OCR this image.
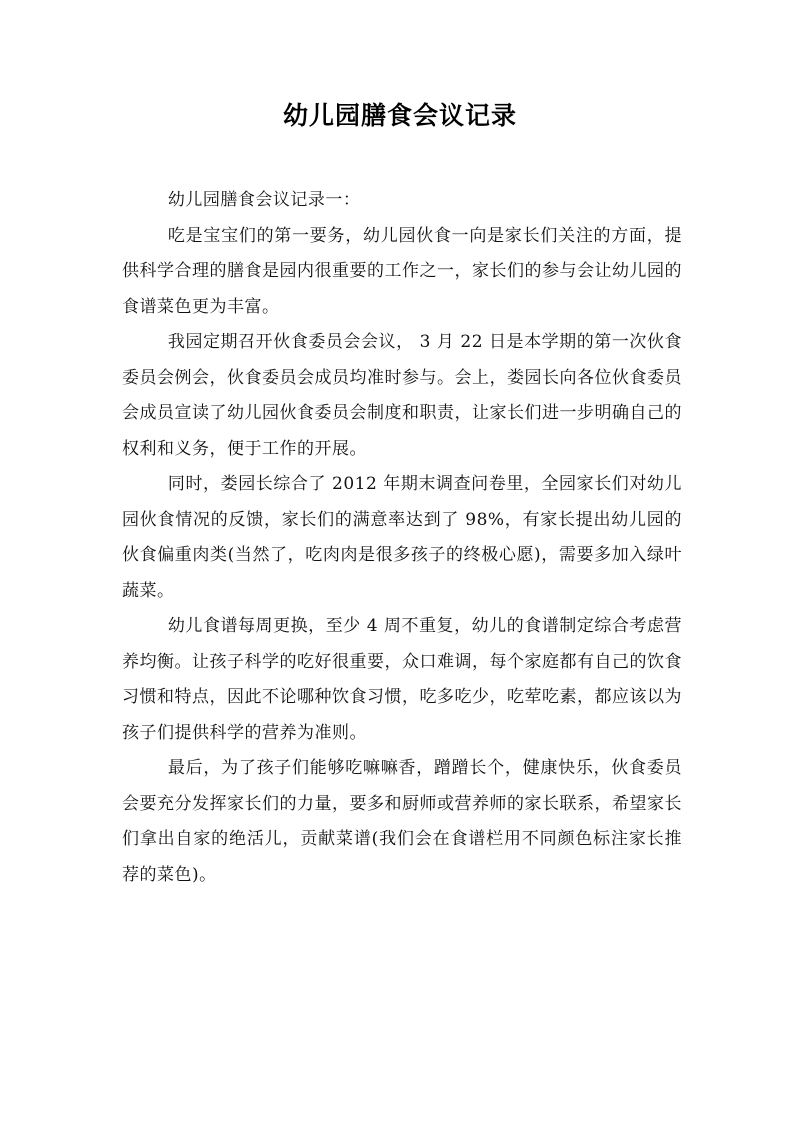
幼儿园膳食会议记录

幼儿园膳食会议记录一：

吃是宝宝们的第一要务，幼儿园伙食一向是家长们关注的方面，提供科学合理的膳食是园内很重要的工作之一，家长们的参与会让幼儿园的食谱菜色更为丰富。

我园定期召开伙食委员会会议， 3 月 22 日是本学期的第一次伙食委员会例会，伙食委员会成员均准时参与。会上，娄园长向各位伙食委员会成员宣读了幼儿园伙食委员会制度和职责，让家长们进一步明确自己的权利和义务，便于工作的开展。

同时，娄园长综合了 2012 年期末调查问卷里，全园家长们对幼儿园伙食情况的反馈，家长们的满意率达到了 98%，有家长提出幼儿园的伙食偏重肉类(当然了，吃肉肉是很多孩子的终极心愿)，需要多加入绿叶蔬菜。

幼儿食谱每周更换，至少 4 周不重复，幼儿的食谱制定综合考虑营养均衡。让孩子科学的吃好很重要，众口难调，每个家庭都有自己的饮食习惯和特点，因此不论哪种饮食习惯，吃多吃少，吃荤吃素，都应该以为孩子们提供科学的营养为准则。

最后，为了孩子们能够吃嘛嘛香，蹭蹭长个，健康快乐，伙食委员会要充分发挥家长们的力量，要多和厨师或营养师的家长联系，希望家长们拿出自家的绝活儿，贡献菜谱(我们会在食谱栏用不同颜色标注家长推荐的菜色)。
